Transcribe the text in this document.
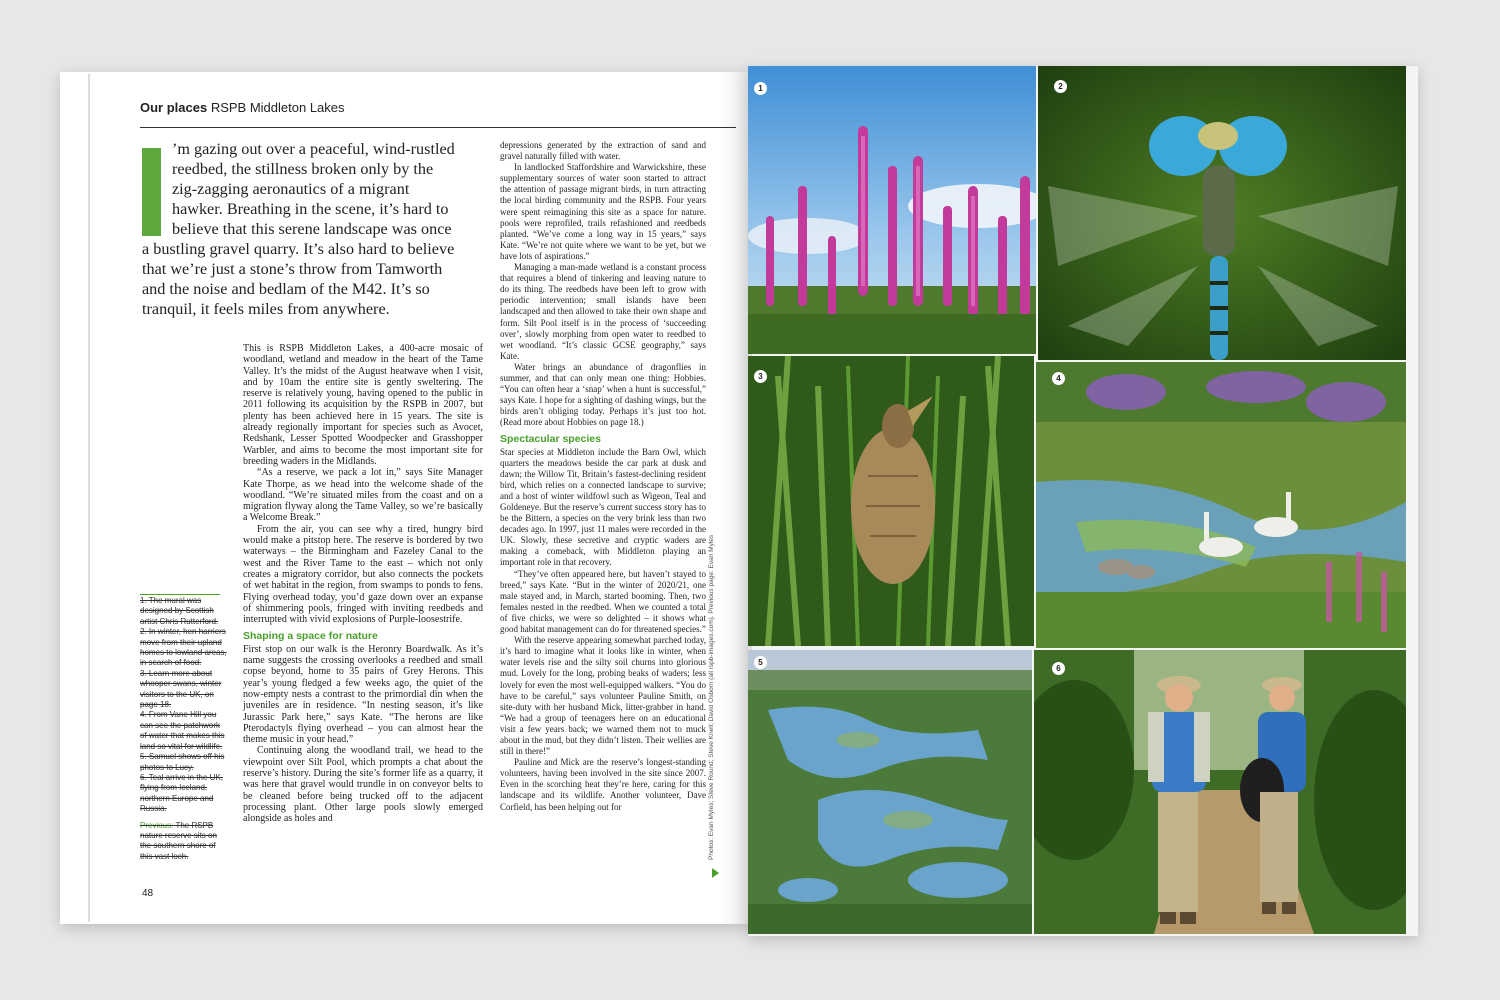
Our places RSPB Middleton Lakes
’m gazing out over a peaceful, wind-rustled
reedbed, the stillness broken only by the
zig-zagging aeronautics of a migrant
hawker. Breathing in the scene, it’s hard to
believe that this serene landscape was once
a bustling gravel quarry. It’s also hard to believe
that we’re just a stone’s throw from Tamworth
and the noise and bedlam of the M42. It’s so
tranquil, it feels miles from anywhere.

This is RSPB Middleton Lakes, a 400-acre mosaic of woodland, wetland and meadow in the heart of the Tame Valley. It’s the midst of the August heatwave when I visit, and by 10am the entire site is gently sweltering. The reserve is relatively young, having opened to the public in 2011 following its acquisition by the RSPB in 2007, but plenty has been achieved here in 15 years. The site is already regionally important for species such as Avocet, Redshank, Lesser Spotted Woodpecker and Grasshopper Warbler, and aims to become the most important site for breeding waders in the Midlands.

“As a reserve, we pack a lot in,” says Site Manager Kate Thorpe, as we head into the welcome shade of the woodland. “We’re situated miles from the coast and on a migration flyway along the Tame Valley, so we’re basically a Welcome Break.”

From the air, you can see why a tired, hungry bird would make a pitstop here. The reserve is bordered by two waterways – the Birmingham and Fazeley Canal to the west and the River Tame to the east – which not only creates a migratory corridor, but also connects the pockets of wet habitat in the region, from swamps to ponds to fens. Flying overhead today, you’d gaze down over an expanse of shimmering pools, fringed with inviting reedbeds and interrupted with vivid explosions of Purple-loosestrife.

Shaping a space for nature

First stop on our walk is the Heronry Boardwalk. As it’s name suggests the crossing overlooks a reedbed and small copse beyond, home to 35 pairs of Grey Herons. This year’s young fledged a few weeks ago, the quiet of the now-empty nests a contrast to the primordial din when the juveniles are in residence. “In nesting season, it’s like Jurassic Park here,” says Kate. “The herons are like Pterodactyls flying overhead – you can almost hear the theme music in your head.”

Continuing along the woodland trail, we head to the viewpoint over Silt Pool, which prompts a chat about the reserve’s history. During the site’s former life as a quarry, it was here that gravel would trundle in on conveyor belts to be cleaned before being trucked off to the adjacent processing plant. Other large pools slowly emerged alongside as holes and

depressions generated by the extraction of sand and gravel naturally filled with water.

In landlocked Staffordshire and Warwickshire, these supplementary sources of water soon started to attract the attention of passage migrant birds, in turn attracting the local birding community and the RSPB. Four years were spent reimagining this site as a space for nature. pools were reprofiled, trails refashioned and reedbeds planted. “We’ve come a long way in 15 years,” says Kate. “We’re not quite where we want to be yet, but we have lots of aspirations.”

Managing a man-made wetland is a constant process that requires a blend of tinkering and leaving nature to do its thing. The reedbeds have been left to grow with periodic intervention; small islands have been landscaped and then allowed to take their own shape and form. Silt Pool itself is in the process of ‘succeeding over’, slowly morphing from open water to reedbed to wet woodland. “It’s classic GCSE geography,” says Kate.

Water brings an abundance of dragonflies in summer, and that can only mean one thing: Hobbies. “You can often hear a ‘snap’ when a hunt is successful,” says Kate. I hope for a sighting of dashing wings, but the birds aren’t obliging today. Perhaps it’s just too hot. (Read more about Hobbies on page 18.)

Spectacular species

Star species at Middleton include the Barn Owl, which quarters the meadows beside the car park at dusk and dawn; the Willow Tit, Britain’s fastest-declining resident bird, which relies on a connected landscape to survive; and a host of winter wildfowl such as Wigeon, Teal and Goldeneye. But the reserve’s current success story has to be the Bittern, a species on the very brink less than two decades ago. In 1997, just 11 males were recorded in the UK. Slowly, these secretive and cryptic waders are making a comeback, with Middleton playing an important role in that recovery.

“They’ve often appeared here, but haven’t stayed to breed,” says Kate. “But in the winter of 2020/21, one male stayed and, in March, started booming. Then, two females nested in the reedbed. When we counted a total of five chicks, we were so delighted – it shows what good habitat management can do for threatened species.”

With the reserve appearing somewhat parched today, it’s hard to imagine what it looks like in winter, when water levels rise and the silty soil churns into glorious mud. Lovely for the long, probing beaks of waders; less lovely for even the most well-equipped walkers. “You do have to be careful,” says volunteer Pauline Smith, on site-duty with her husband Mick, litter-grabber in hand. “We had a group of teenagers here on an educational visit a few years back; we warned them not to muck about in the mud, but they didn’t listen. Their wellies are still in there!”

Pauline and Mick are the reserve’s longest-standing volunteers, having been involved in the site since 2007. Even in the scorching heat they’re here, caring for this landscape and its wildlife. Another volunteer, Dave Corfield, has been helping out for

1. The mural was designed by Scottish artist Chris Rutterford.

2. In winter, hen harriers move from their upland homes to lowland areas, in search of food.

3. Learn more about whooper swans, winter visitors to the UK, on page 18.

4. From Vane Hill you can see the patchwork of water that makes this land so vital for wildlife.

5. Samuel shows off his photos to Lucy.

6. Teal arrive in the UK, flying from Iceland, northern Europe and Russia.

Previous: The RSPB nature reserve sits on the southern shore of this vast loch.

48
Photos: Evan Myles; Steve Round; Steve Knell; David Osborn (all rspb-images.com). Previous page: Evan Myles
1	2
3	4
5
6
